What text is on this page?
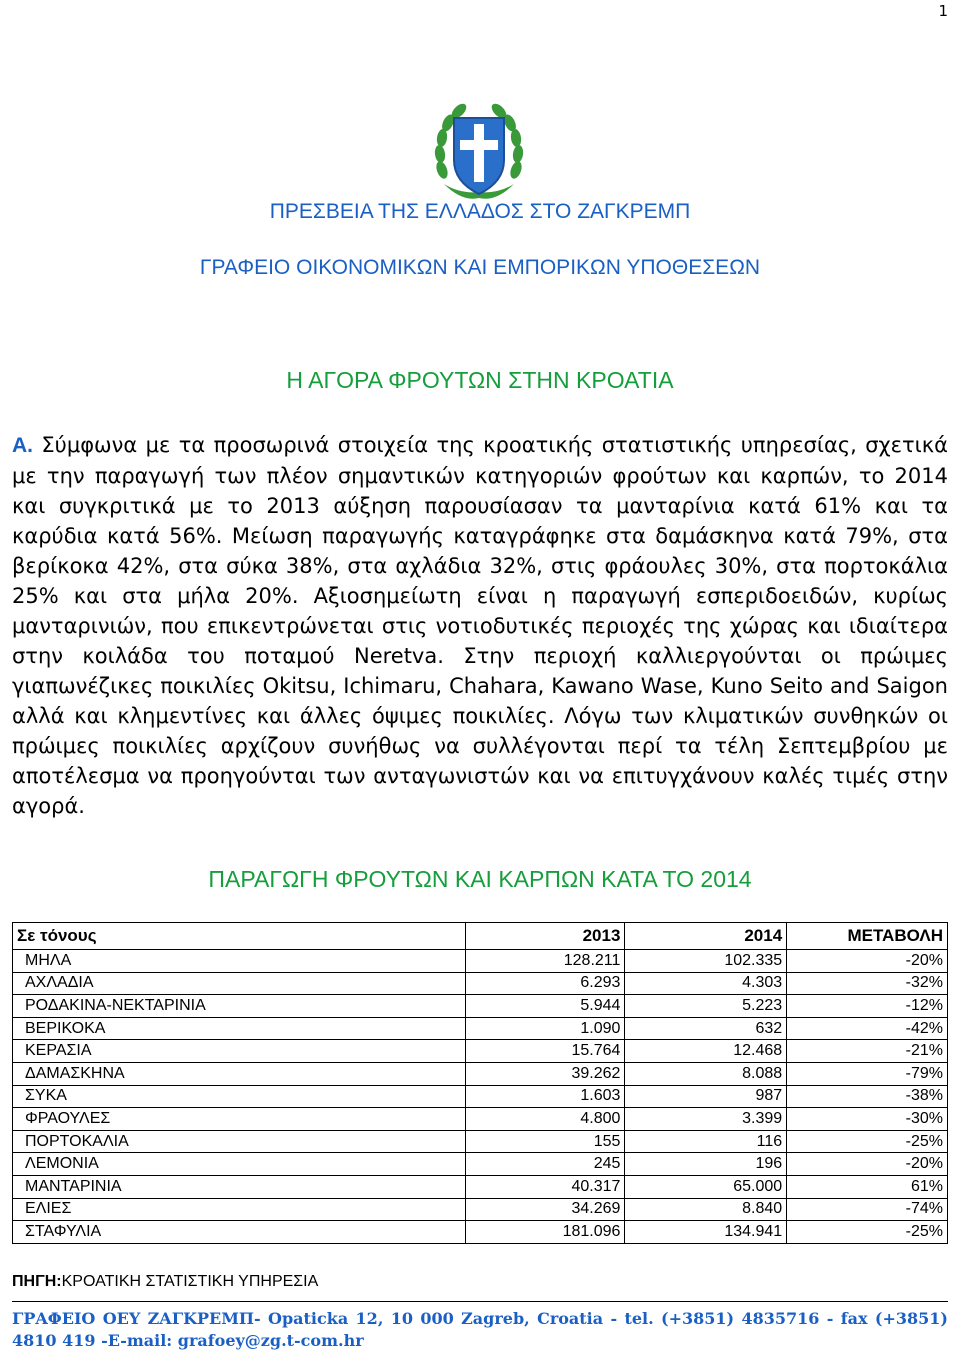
1
ΠΡΕΣΒΕΙΑ ΤΗΣ ΕΛΛΑΔΟΣ ΣΤΟ ΖΑΓΚΡΕΜΠ
ΓΡΑΦΕΙΟ ΟΙΚΟΝΟΜΙΚΩΝ ΚΑΙ ΕΜΠΟΡΙΚΩΝ ΥΠΟΘΕΣΕΩΝ
Η ΑΓΟΡΑ ΦΡΟΥΤΩΝ ΣΤΗΝ ΚΡΟΑΤΙΑ

Α. Σύμφωνα με τα προσωρινά στοιχεία της κροατικής στατιστικής υπηρεσίας, σχετικά με την παραγωγή των πλέον σημαντικών κατηγοριών φρούτων και καρπών, το 2014 και συγκριτικά με το 2013 αύξηση παρουσίασαν τα μανταρίνια κατά 61% και τα καρύδια κατά 56%. Μείωση παραγωγής καταγράφηκε στα δαμάσκηνα κατά 79%, στα βερίκοκα 42%, στα σύκα 38%, στα αχλάδια 32%, στις φράουλες 30%, στα πορτοκάλια 25% και στα μήλα 20%. Αξιοσημείωτη είναι η παραγωγή εσπεριδοειδών, κυρίως μανταρινιών, που επικεντρώνεται στις νοτιοδυτικές περιοχές της χώρας και ιδιαίτερα στην κοιλάδα του ποταμού Neretva. Στην περιοχή καλλιεργούνται οι πρώιμες γιαπωνέζικες ποικιλίες Okitsu, Ichimaru, Chahara, Kawano Wase, Kuno Seito and Saigon αλλά και κλημεντίνες και άλλες όψιμες ποικιλίες. Λόγω των κλιματικών συνθηκών οι πρώιμες ποικιλίες αρχίζουν συνήθως να συλλέγονται περί τα τέλη Σεπτεμβρίου με αποτέλεσμα να προηγούνται των ανταγωνιστών και να επιτυγχάνουν καλές τιμές στην αγορά.

ΠΑΡΑΓΩΓΗ ΦΡΟΥΤΩΝ ΚΑΙ ΚΑΡΠΩΝ ΚΑΤΑ ΤΟ 2014
Σε τόνους	2013	2014	ΜΕΤΑΒΟΛΗ
ΜΗΛΑ	128.211	102.335	-20%
ΑΧΛΑΔΙΑ	6.293	4.303	-32%
ΡΟΔΑΚΙΝΑ-ΝΕΚΤΑΡΙΝΙΑ	5.944	5.223	-12%
ΒΕΡΙΚΟΚΑ	1.090	632	-42%
ΚΕΡΑΣΙΑ	15.764	12.468	-21%
ΔΑΜΑΣΚΗΝΑ	39.262	8.088	-79%
ΣΥΚΑ	1.603	987	-38%
ΦΡΑΟΥΛΕΣ	4.800	3.399	-30%
ΠΟΡΤΟΚΑΛΙΑ	155	116	-25%
ΛΕΜΟΝΙΑ	245	196	-20%
ΜΑΝΤΑΡΙΝΙΑ	40.317	65.000	61%
ΕΛΙΕΣ	34.269	8.840	-74%
ΣΤΑΦΥΛΙΑ	181.096	134.941	-25%
ΠΗΓΗ:ΚΡΟΑΤΙΚΗ ΣΤΑΤΙΣΤΙΚΗ ΥΠΗΡΕΣΙΑ
ΓΡΑΦΕΙΟ ΟΕΥ ΖΑΓΚΡΕΜΠ- Opaticka 12, 10 000 Zagreb, Croatia - tel. (+3851) 4835716 - fax (+3851) 4810 419 -E-mail: grafoey@zg.t-com.hr
